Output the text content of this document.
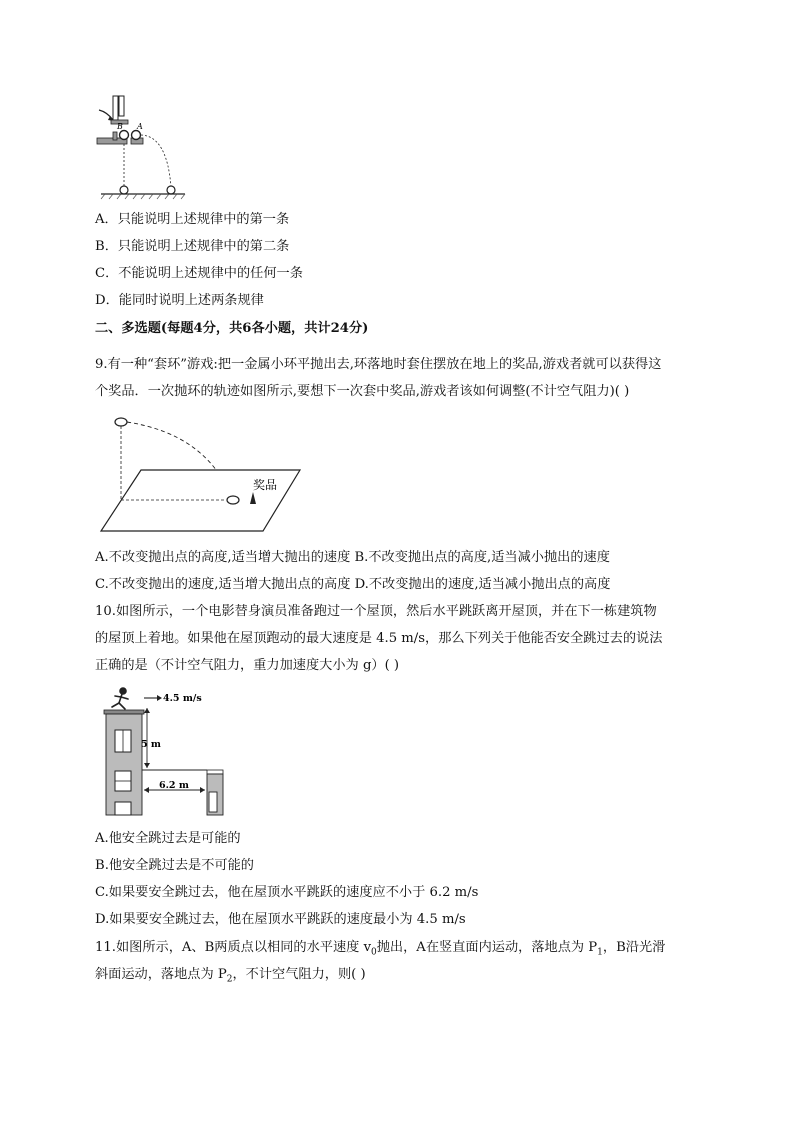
B A
A．只能说明上述规律中的第一条
B．只能说明上述规律中的第二条
C．不能说明上述规律中的任何一条
D．能同时说明上述两条规律
二、多选题(每题4分，共6各小题，共计24分)
9.有一种“套环”游戏:把一金属小环平抛出去,环落地时套住摆放在地上的奖品,游戏者就可以获得这
个奖品．一次抛环的轨迹如图所示,要想下一次套中奖品,游戏者该如何调整(不计空气阻力)( )
奖品
A.不改变抛出点的高度,适当增大抛出的速度 B.不改变抛出点的高度,适当减小抛出的速度
C.不改变抛出的速度,适当增大抛出点的高度 D.不改变抛出的速度,适当减小抛出点的高度
10.如图所示，一个电影替身演员准备跑过一个屋顶，然后水平跳跃离开屋顶，并在下一栋建筑物
的屋顶上着地。如果他在屋顶跑动的最大速度是 4.5 m/s，那么下列关于他能否安全跳过去的说法
正确的是（不计空气阻力，重力加速度大小为 g）( )
4.5 m/s
5 m
6.2 m
A.他安全跳过去是可能的
B.他安全跳过去是不可能的
C.如果要安全跳过去，他在屋顶水平跳跃的速度应不小于 6.2 m/s
D.如果要安全跳过去，他在屋顶水平跳跃的速度最小为 4.5 m/s
11.如图所示，A、B两质点以相同的水平速度 $v_0$抛出，A在竖直面内运动，落地点为 $P_1$，B沿光滑
斜面运动，落地点为 $P_2$，不计空气阻力，则( )
